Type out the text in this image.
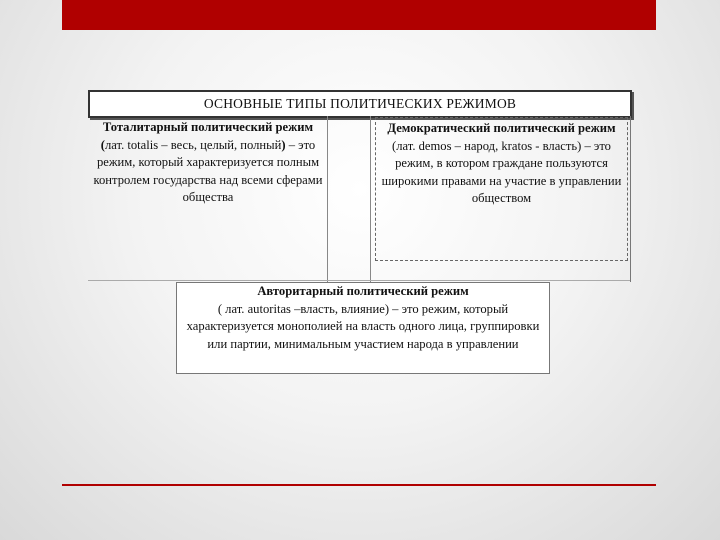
ОСНОВНЫЕ ТИПЫ ПОЛИТИЧЕСКИХ РЕЖИМОВ
Тоталитарный политический режим (лат. totalis – весь, целый, полный) – это режим, который характеризуется полным контролем государства над всеми сферами общества
Демократический политический режим (лат. demos – народ, kratos - власть) – это режим, в котором граждане пользуются широкими правами на участие в управлении обществом
Авторитарный политический режим
( лат. autoritas –власть, влияние) – это режим, который характеризуется монополией на власть одного лица, группировки или партии, минимальным участием народа в управлении
